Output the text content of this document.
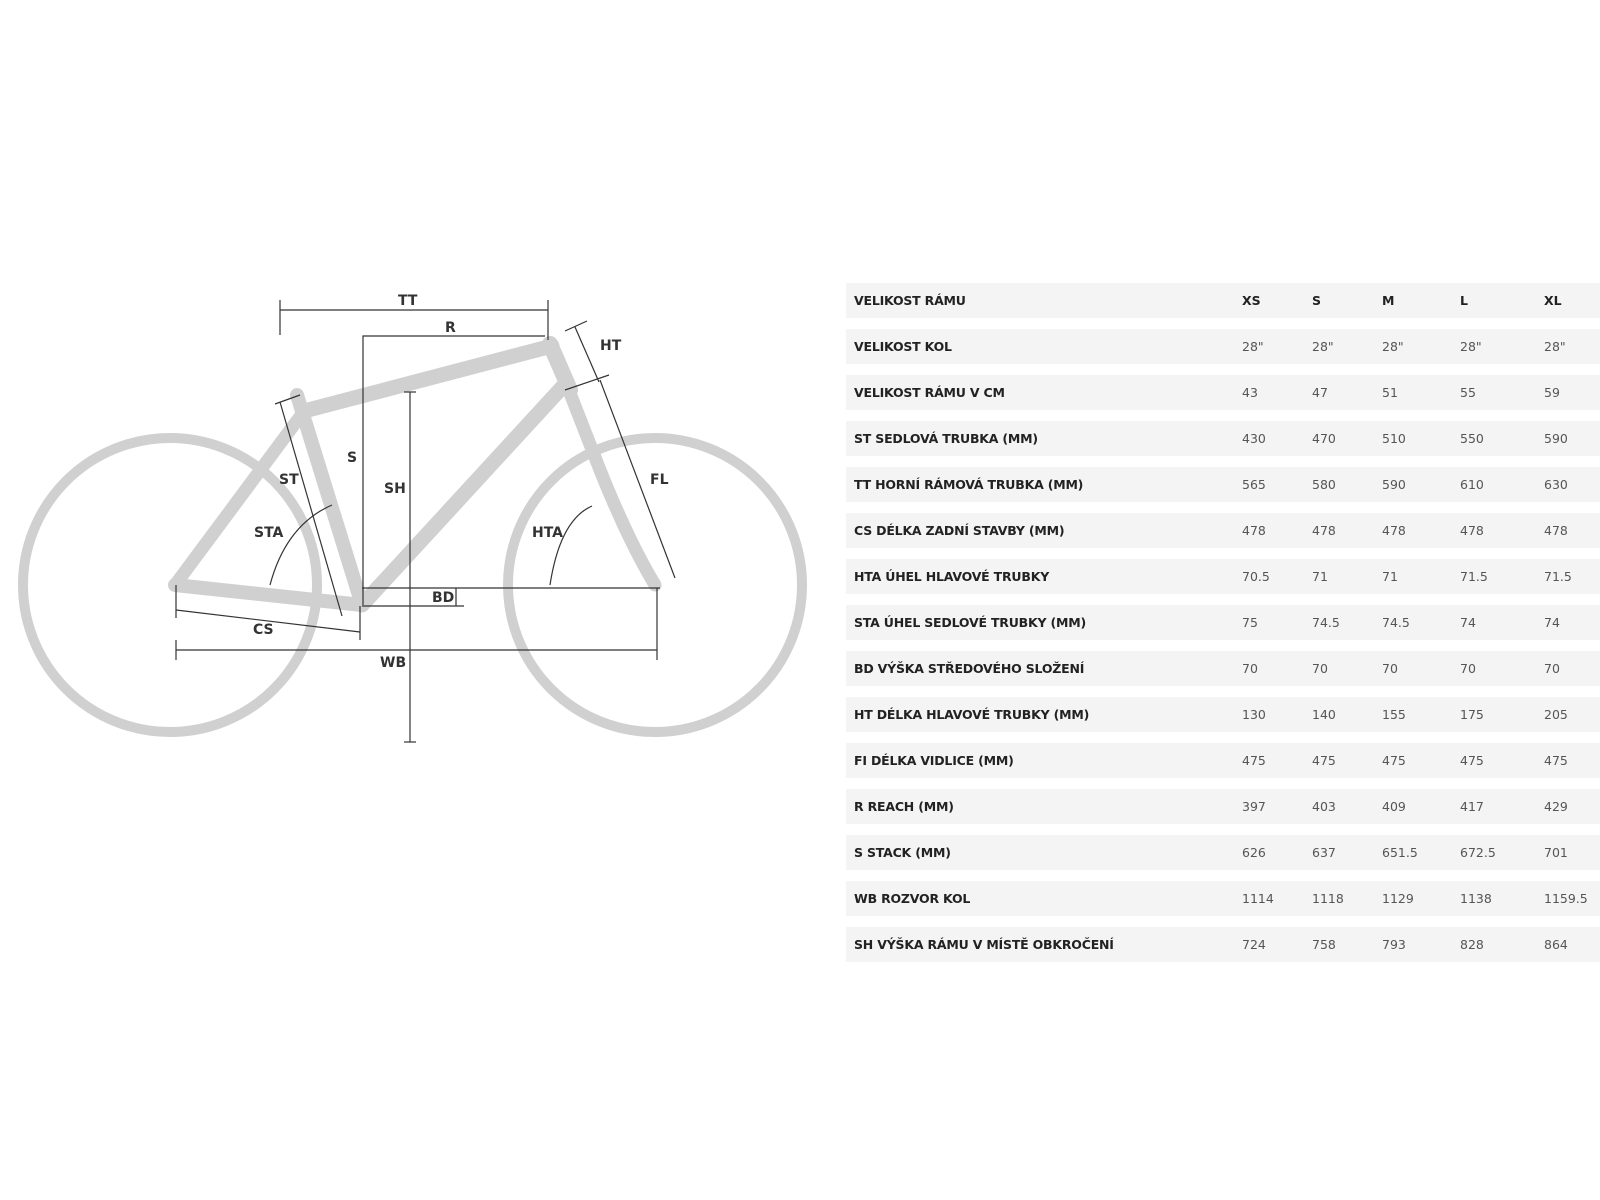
TT
R
S
SH
HT
FL
ST
STA	HTA
BD
CS
WB
VELIKOST RÁMU	XS	S	M	L	XL
VELIKOST KOL	28"	28"	28"	28"	28"
VELIKOST RÁMU V CM	43	47	51	55	59
ST SEDLOVÁ TRUBKA (MM)	430	470	510	550	590
TT HORNÍ RÁMOVÁ TRUBKA (MM)	565	580	590	610	630
CS DÉLKA ZADNÍ STAVBY (MM)	478	478	478	478	478
HTA ÚHEL HLAVOVÉ TRUBKY	70.5	71	71	71.5	71.5
STA ÚHEL SEDLOVÉ TRUBKY (MM)	75	74.5	74.5	74	74
BD VÝŠKA STŘEDOVÉHO SLOŽENÍ	70	70	70	70	70
HT DÉLKA HLAVOVÉ TRUBKY (MM)	130	140	155	175	205
FI DÉLKA VIDLICE (MM)	475	475	475	475	475
R REACH (MM)	397	403	409	417	429
S STACK (MM)	626	637	651.5	672.5	701
WB ROZVOR KOL	1114	1118	1129	1138	1159.5
SH VÝŠKA RÁMU V MÍSTĚ OBKROČENÍ	724	758	793	828	864
